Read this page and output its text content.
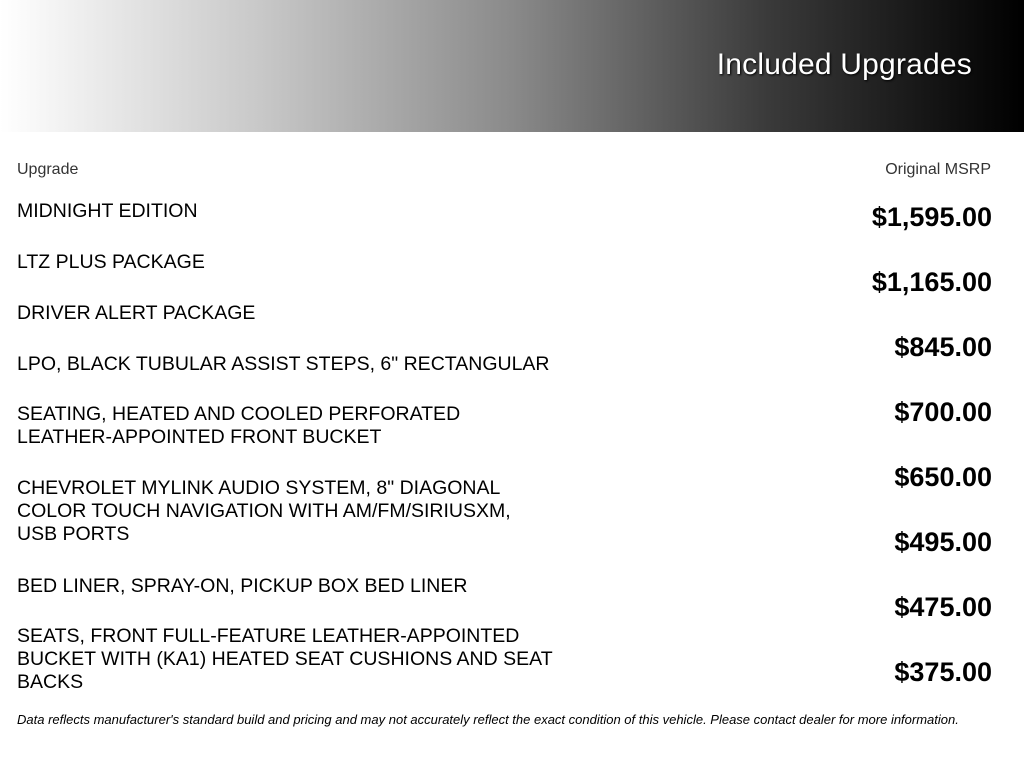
Included Upgrades
Upgrade	Original MSRP
MIDNIGHT EDITION
LTZ PLUS PACKAGE
DRIVER ALERT PACKAGE
LPO, BLACK TUBULAR ASSIST STEPS, 6" RECTANGULAR
SEATING, HEATED AND COOLED PERFORATED LEATHER-APPOINTED FRONT BUCKET
CHEVROLET MYLINK AUDIO SYSTEM, 8" DIAGONAL COLOR TOUCH NAVIGATION WITH AM/FM/SIRIUSXM, USB PORTS
BED LINER, SPRAY-ON, PICKUP BOX BED LINER
SEATS, FRONT FULL-FEATURE LEATHER-APPOINTED BUCKET WITH (KA1) HEATED SEAT CUSHIONS AND SEAT BACKS
$1,595.00
$1,165.00
$845.00
$700.00
$650.00
$495.00
$475.00
$375.00
Data reflects manufacturer's standard build and pricing and may not accurately reflect the exact condition of this vehicle. Please contact dealer for more information.
